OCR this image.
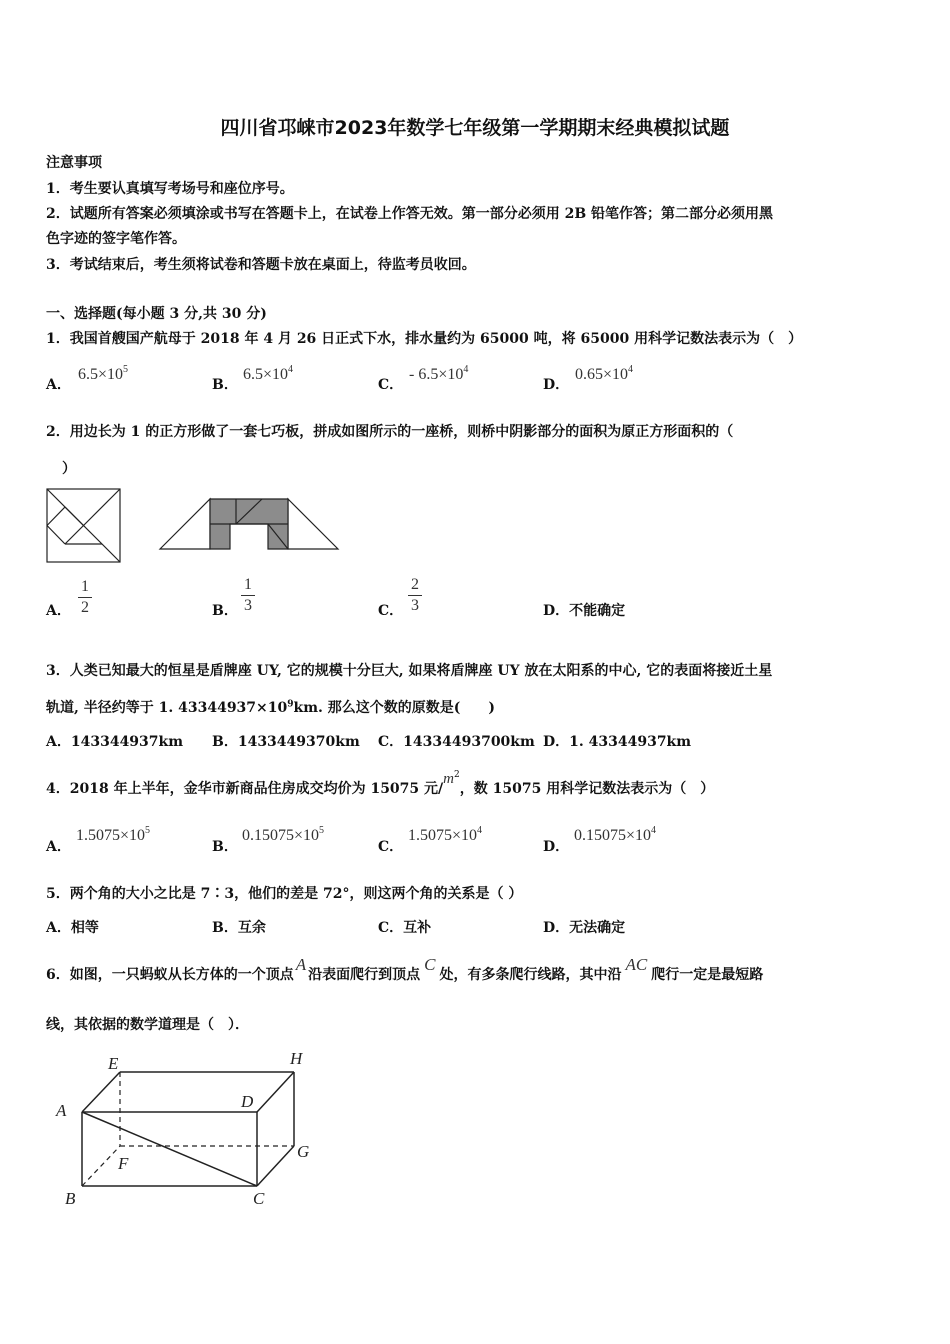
四川省邛崃市2023年数学七年级第一学期期末经典模拟试题
注意事项
1．考生要认真填写考场号和座位序号。
2．试题所有答案必须填涂或书写在答题卡上，在试卷上作答无效。第一部分必须用 2B 铅笔作答；第二部分必须用黑
色字迹的签字笔作答。
3．考试结束后，考生须将试卷和答题卡放在桌面上，待监考员收回。
一、选择题(每小题 3 分,共 30 分)
1．我国首艘国产航母于 2018 年 4 月 26 日正式下水，排水量约为 65000 吨，将 65000 用科学记数法表示为（　）
A．
$6.5\times 10^5$
B．
$6.5\times 10^4$
C．
- $6.5\times 10^4$
D．
$0.65\times 10^4$
2．用边长为 1 的正方形做了一套七巧板，拼成如图所示的一座桥，则桥中阴影部分的面积为原正方形面积的（
）
A．
1
2	B．
1
3	C．
2
3	D．不能确定
3．人类已知最大的恒星是盾牌座 UY, 它的规模十分巨大, 如果将盾牌座 UY 放在太阳系的中心, 它的表面将接近土星
轨道, 半径约等于 1. $43344937\times 10^9km$. 那么这个数的原数是(　　)
A．143344937km B．1433449370km C．14334493700km D．1. 43344937km
4．2018 年上半年，金华市新商品住房成交均价为 15075 元$/m^2$，数 15075 用科学记数法表示为（　）
A．
$1.5075\times 10^5$
B．
$0.15075\times 10^5$
C．
$1.5075\times 10^4$
D．
$0.15075\times 10^4$
5．两个角的大小之比是 7∶3，他们的差是 72°，则这两个角的关系是（ ）
A．相等	B．互余	C．互补	D．无法确定
6．如图，一只蚂蚁从长方体的一个顶点A沿表面爬行到顶点C处，有多条爬行线路，其中沿AC爬行一定是最短路
线，其依据的数学道理是（　）．
E	H
A	D
F
G
B	C
